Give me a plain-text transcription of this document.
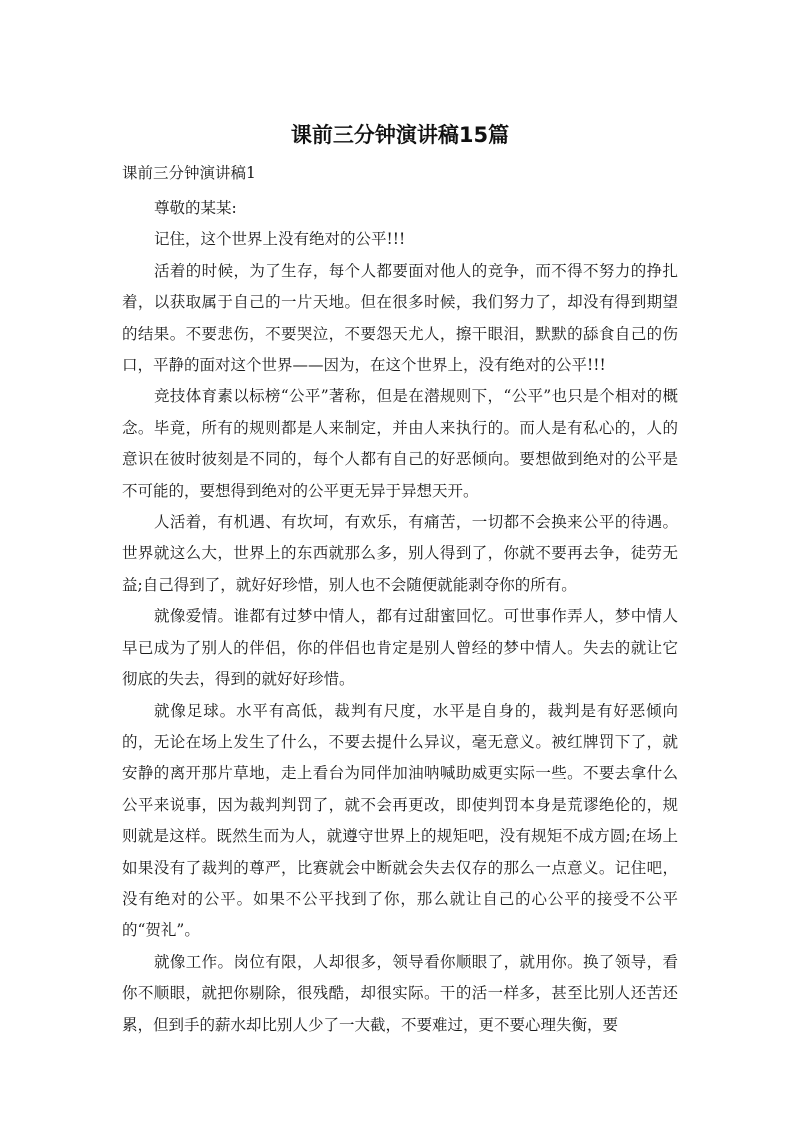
课前三分钟演讲稿15篇
课前三分钟演讲稿1

尊敬的某某:

记住，这个世界上没有绝对的公平!!!

活着的时候，为了生存，每个人都要面对他人的竞争，而不得不努力的挣扎着，以获取属于自己的一片天地。但在很多时候，我们努力了，却没有得到期望的结果。不要悲伤，不要哭泣，不要怨天尤人，擦干眼泪，默默的舔食自己的伤口，平静的面对这个世界——因为，在这个世界上，没有绝对的公平!!!

竞技体育素以标榜“公平”著称，但是在潜规则下，“公平”也只是个相对的概念。毕竟，所有的规则都是人来制定，并由人来执行的。而人是有私心的，人的意识在彼时彼刻是不同的，每个人都有自己的好恶倾向。要想做到绝对的公平是不可能的，要想得到绝对的公平更无异于异想天开。

人活着，有机遇、有坎坷，有欢乐，有痛苦，一切都不会换来公平的待遇。世界就这么大，世界上的东西就那么多，别人得到了，你就不要再去争，徒劳无益;自己得到了，就好好珍惜，别人也不会随便就能剥夺你的所有。

就像爱情。谁都有过梦中情人，都有过甜蜜回忆。可世事作弄人，梦中情人早已成为了别人的伴侣，你的伴侣也肯定是别人曾经的梦中情人。失去的就让它彻底的失去，得到的就好好珍惜。

就像足球。水平有高低，裁判有尺度，水平是自身的，裁判是有好恶倾向的，无论在场上发生了什么，不要去提什么异议，毫无意义。被红牌罚下了，就安静的离开那片草地，走上看台为同伴加油呐喊助威更实际一些。不要去拿什么公平来说事，因为裁判判罚了，就不会再更改，即使判罚本身是荒谬绝伦的，规则就是这样。既然生而为人，就遵守世界上的规矩吧，没有规矩不成方圆;在场上如果没有了裁判的尊严，比赛就会中断就会失去仅存的那么一点意义。记住吧，没有绝对的公平。如果不公平找到了你，那么就让自己的心公平的接受不公平的“贺礼”。

就像工作。岗位有限，人却很多，领导看你顺眼了，就用你。换了领导，看你不顺眼，就把你剔除，很残酷，却很实际。干的活一样多，甚至比别人还苦还累，但到手的薪水却比别人少了一大截，不要难过，更不要心理失衡，要
